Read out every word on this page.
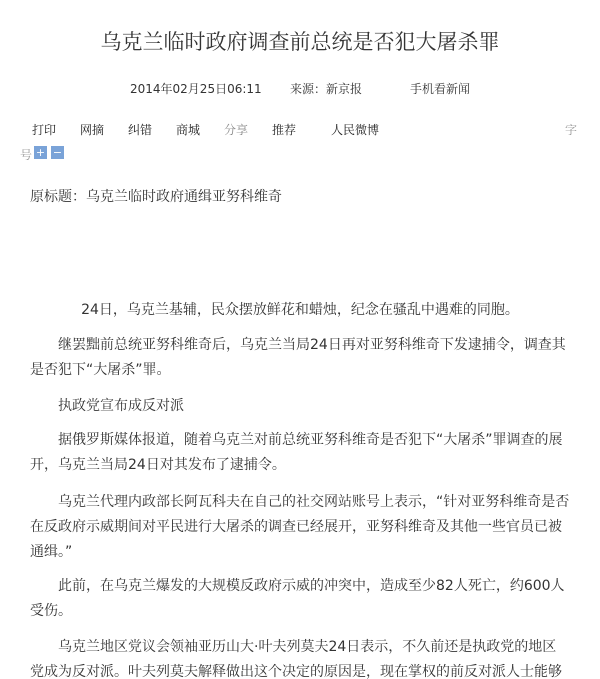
乌克兰临时政府调查前总统是否犯大屠杀罪
2014年02月25日06:11 来源：新京报	手机看新闻
打印 网摘 纠错 商城 分享 推荐	人民微博	字
号 + −
原标题：乌克兰临时政府通缉亚努科维奇
24日，乌克兰基辅，民众摆放鲜花和蜡烛，纪念在骚乱中遇难的同胞。
继罢黜前总统亚努科维奇后，乌克兰当局24日再对亚努科维奇下发逮捕令，调查其是否犯下“大屠杀”罪。
执政党宣布成反对派
据俄罗斯媒体报道，随着乌克兰对前总统亚努科维奇是否犯下“大屠杀”罪调查的展开，乌克兰当局24日对其发布了逮捕令。
乌克兰代理内政部长阿瓦科夫在自己的社交网站账号上表示，“针对亚努科维奇是否在反政府示威期间对平民进行大屠杀的调查已经展开，亚努科维奇及其他一些官员已被通缉。”
此前，在乌克兰爆发的大规模反政府示威的冲突中，造成至少82人死亡，约600人受伤。
乌克兰地区党议会领袖亚历山大·叶夫列莫夫24日表示，不久前还是执政党的地区党成为反对派。叶夫列莫夫解释做出这个决定的原因是，现在掌权的前反对派人士能够
